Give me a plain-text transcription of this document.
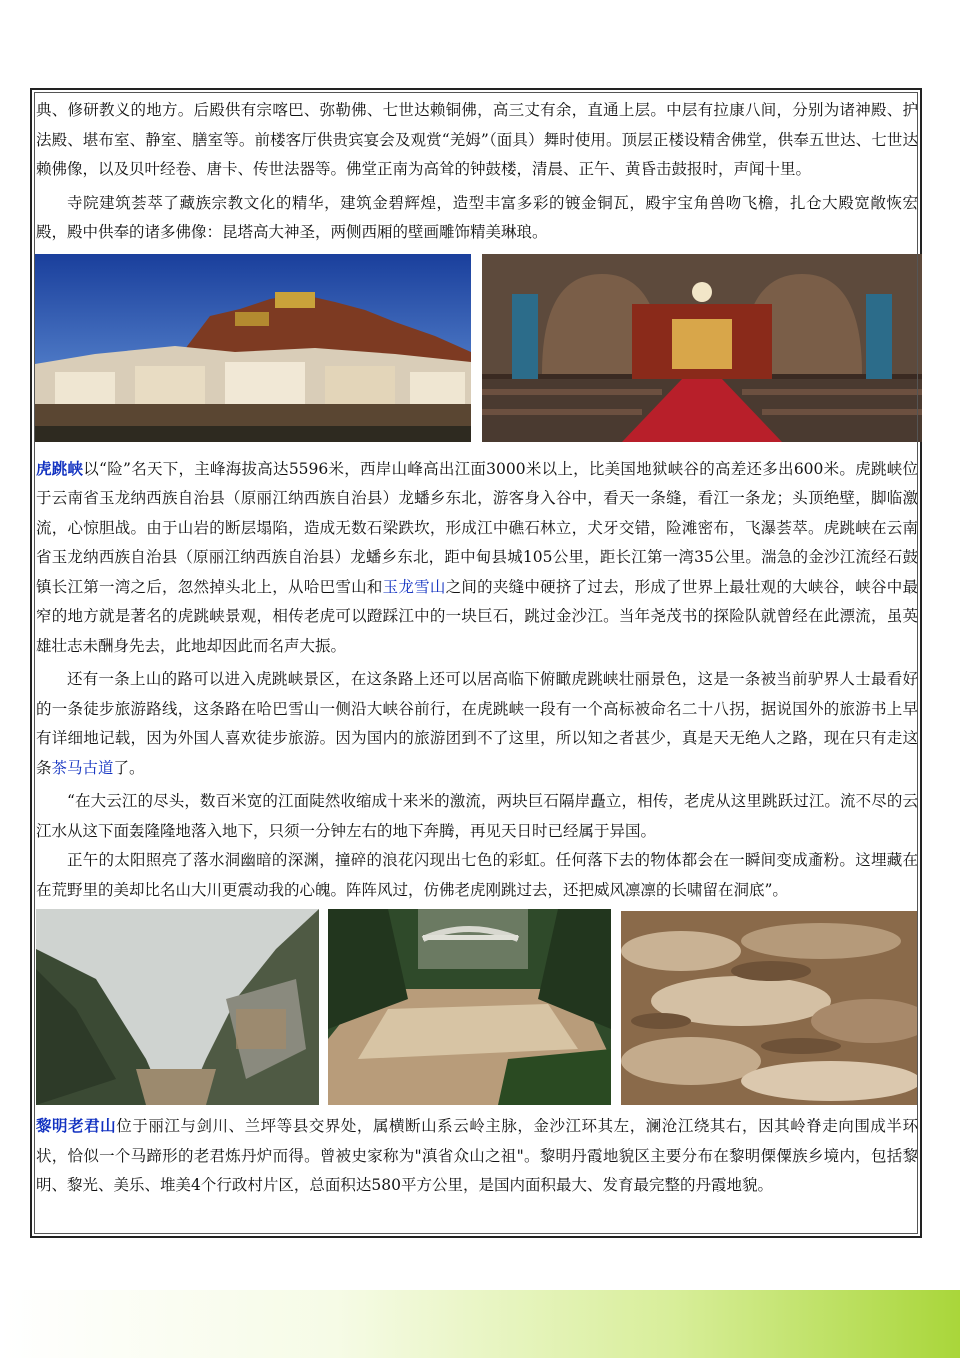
典、修研教义的地方。后殿供有宗喀巴、弥勒佛、七世达赖铜佛，高三丈有余，直通上层。中层有拉康八间，分别为诸神殿、护法殿、堪布室、静室、膳室等。前楼客厅供贵宾宴会及观赏“羌姆”（面具）舞时使用。顶层正楼设精舍佛堂，供奉五世达、七世达赖佛像，以及贝叶经卷、唐卡、传世法器等。佛堂正南为高耸的钟鼓楼，清晨、正午、黄昏击鼓报时，声闻十里。

寺院建筑荟萃了藏族宗教文化的精华，建筑金碧辉煌，造型丰富多彩的镀金铜瓦，殿宇宝角兽吻飞檐，扎仓大殿宽敞恢宏殿，殿中供奉的诸多佛像：昆塔高大神圣，两侧西厢的壁画雕饰精美琳琅。

虎跳峡以“险”名天下，主峰海拔高达5596米，西岸山峰高出江面3000米以上，比美国地狱峡谷的高差还多出600米。虎跳峡位于云南省玉龙纳西族自治县（原丽江纳西族自治县）龙蟠乡东北，游客身入谷中，看天一条缝，看江一条龙；头顶绝壁，脚临激流，心惊胆战。由于山岩的断层塌陷，造成无数石梁跌坎，形成江中礁石林立，犬牙交错，险滩密布，飞瀑荟萃。虎跳峡在云南省玉龙纳西族自治县（原丽江纳西族自治县）龙蟠乡东北，距中甸县城105公里，距长江第一湾35公里。湍急的金沙江流经石鼓镇长江第一湾之后，忽然掉头北上，从哈巴雪山和玉龙雪山之间的夹缝中硬挤了过去，形成了世界上最壮观的大峡谷，峡谷中最窄的地方就是著名的虎跳峡景观，相传老虎可以蹬踩江中的一块巨石，跳过金沙江。当年尧茂书的探险队就曾经在此漂流，虽英雄壮志未酬身先去，此地却因此而名声大振。

还有一条上山的路可以进入虎跳峡景区，在这条路上还可以居高临下俯瞰虎跳峡壮丽景色，这是一条被当前驴界人士最看好的一条徒步旅游路线，这条路在哈巴雪山一侧沿大峡谷前行，在虎跳峡一段有一个高标被命名二十八拐，据说国外的旅游书上早有详细地记载，因为外国人喜欢徒步旅游。因为国内的旅游团到不了这里，所以知之者甚少，真是天无绝人之路，现在只有走这条茶马古道了。

“在大云江的尽头，数百米宽的江面陡然收缩成十来米的激流，两块巨石隔岸矗立，相传，老虎从这里跳跃过江。流不尽的云江水从这下面轰隆隆地落入地下，只须一分钟左右的地下奔腾，再见天日时已经属于异国。

正午的太阳照亮了落水洞幽暗的深渊，撞碎的浪花闪现出七色的彩虹。任何落下去的物体都会在一瞬间变成齑粉。这埋藏在在荒野里的美却比名山大川更震动我的心魄。阵阵风过，仿佛老虎刚跳过去，还把威风凛凛的长啸留在洞底”。

黎明老君山位于丽江与剑川、兰坪等县交界处，属横断山系云岭主脉，金沙江环其左，澜沧江绕其右，因其岭脊走向围成半环状，恰似一个马蹄形的老君炼丹炉而得。曾被史家称为"滇省众山之祖"。黎明丹霞地貌区主要分布在黎明傈僳族乡境内，包括黎明、黎光、美乐、堆美4个行政村片区，总面积达580平方公里，是国内面积最大、发育最完整的丹霞地貌。
